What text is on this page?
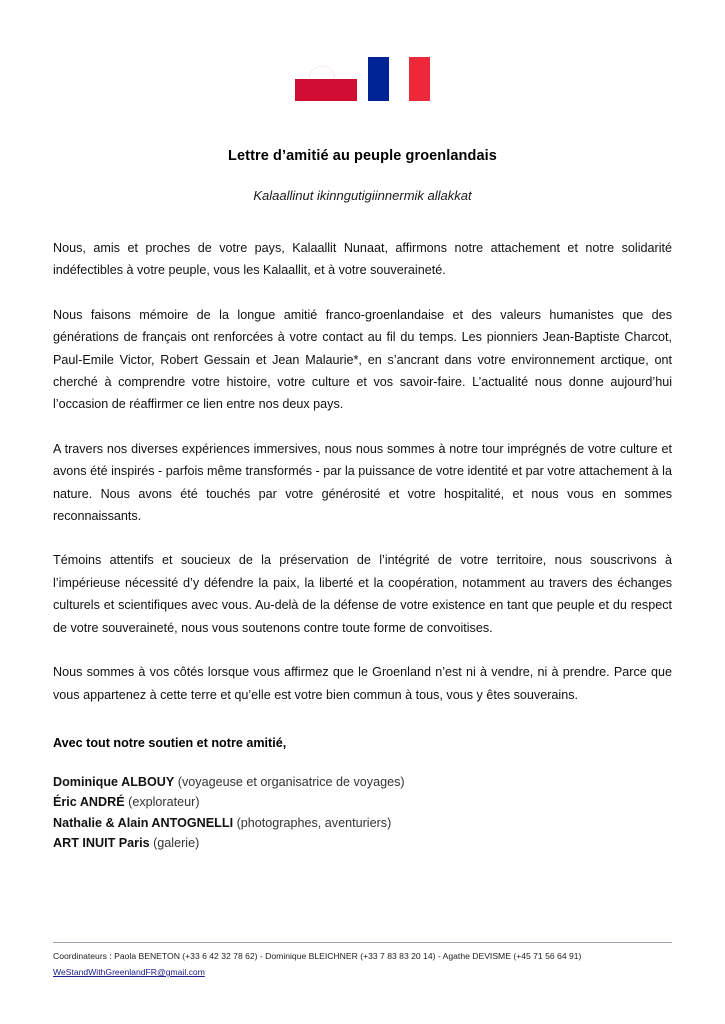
Lettre d’amitié au peuple groenlandais
Kalaallinut ikinngutigiinnermik allakkat

Nous, amis et proches de votre pays, Kalaallit Nunaat, affirmons notre attachement et notre solidarité indéfectibles à votre peuple, vous les Kalaallit, et à votre souveraineté.

Nous faisons mémoire de la longue amitié franco-groenlandaise et des valeurs humanistes que des générations de français ont renforcées à votre contact au fil du temps. Les pionniers Jean-Baptiste Charcot, Paul-Emile Victor, Robert Gessain et Jean Malaurie*, en s’ancrant dans votre environnement arctique, ont cherché à comprendre votre histoire, votre culture et vos savoir-faire. L’actualité nous donne aujourd’hui l’occasion de réaffirmer ce lien entre nos deux pays.

A travers nos diverses expériences immersives, nous nous sommes à notre tour imprégnés de votre culture et avons été inspirés - parfois même transformés - par la puissance de votre identité et par votre attachement à la nature. Nous avons été touchés par votre générosité et votre hospitalité, et nous vous en sommes reconnaissants.

Témoins attentifs et soucieux de la préservation de l’intégrité de votre territoire, nous souscrivons à l’impérieuse nécessité d’y défendre la paix, la liberté et la coopération, notamment au travers des échanges culturels et scientifiques avec vous. Au-delà de la défense de votre existence en tant que peuple et du respect de votre souveraineté, nous vous soutenons contre toute forme de convoitises.

Nous sommes à vos côtés lorsque vous affirmez que le Groenland n’est ni à vendre, ni à prendre. Parce que vous appartenez à cette terre et qu’elle est votre bien commun à tous, vous y êtes souverains.

Avec tout notre soutien et notre amitié,
Dominique ALBOUY (voyageuse et organisatrice de voyages)
Éric ANDRÉ (explorateur)
Nathalie & Alain ANTOGNELLI (photographes, aventuriers)
ART INUIT Paris (galerie)
Coordinateurs : Paola BENETON (+33 6 42 32 78 62) - Dominique BLEICHNER (+33 7 83 83 20 14) - Agathe DEVISME (+45 71 56 64 91)
WeStandWithGreenlandFR@gmail.com
